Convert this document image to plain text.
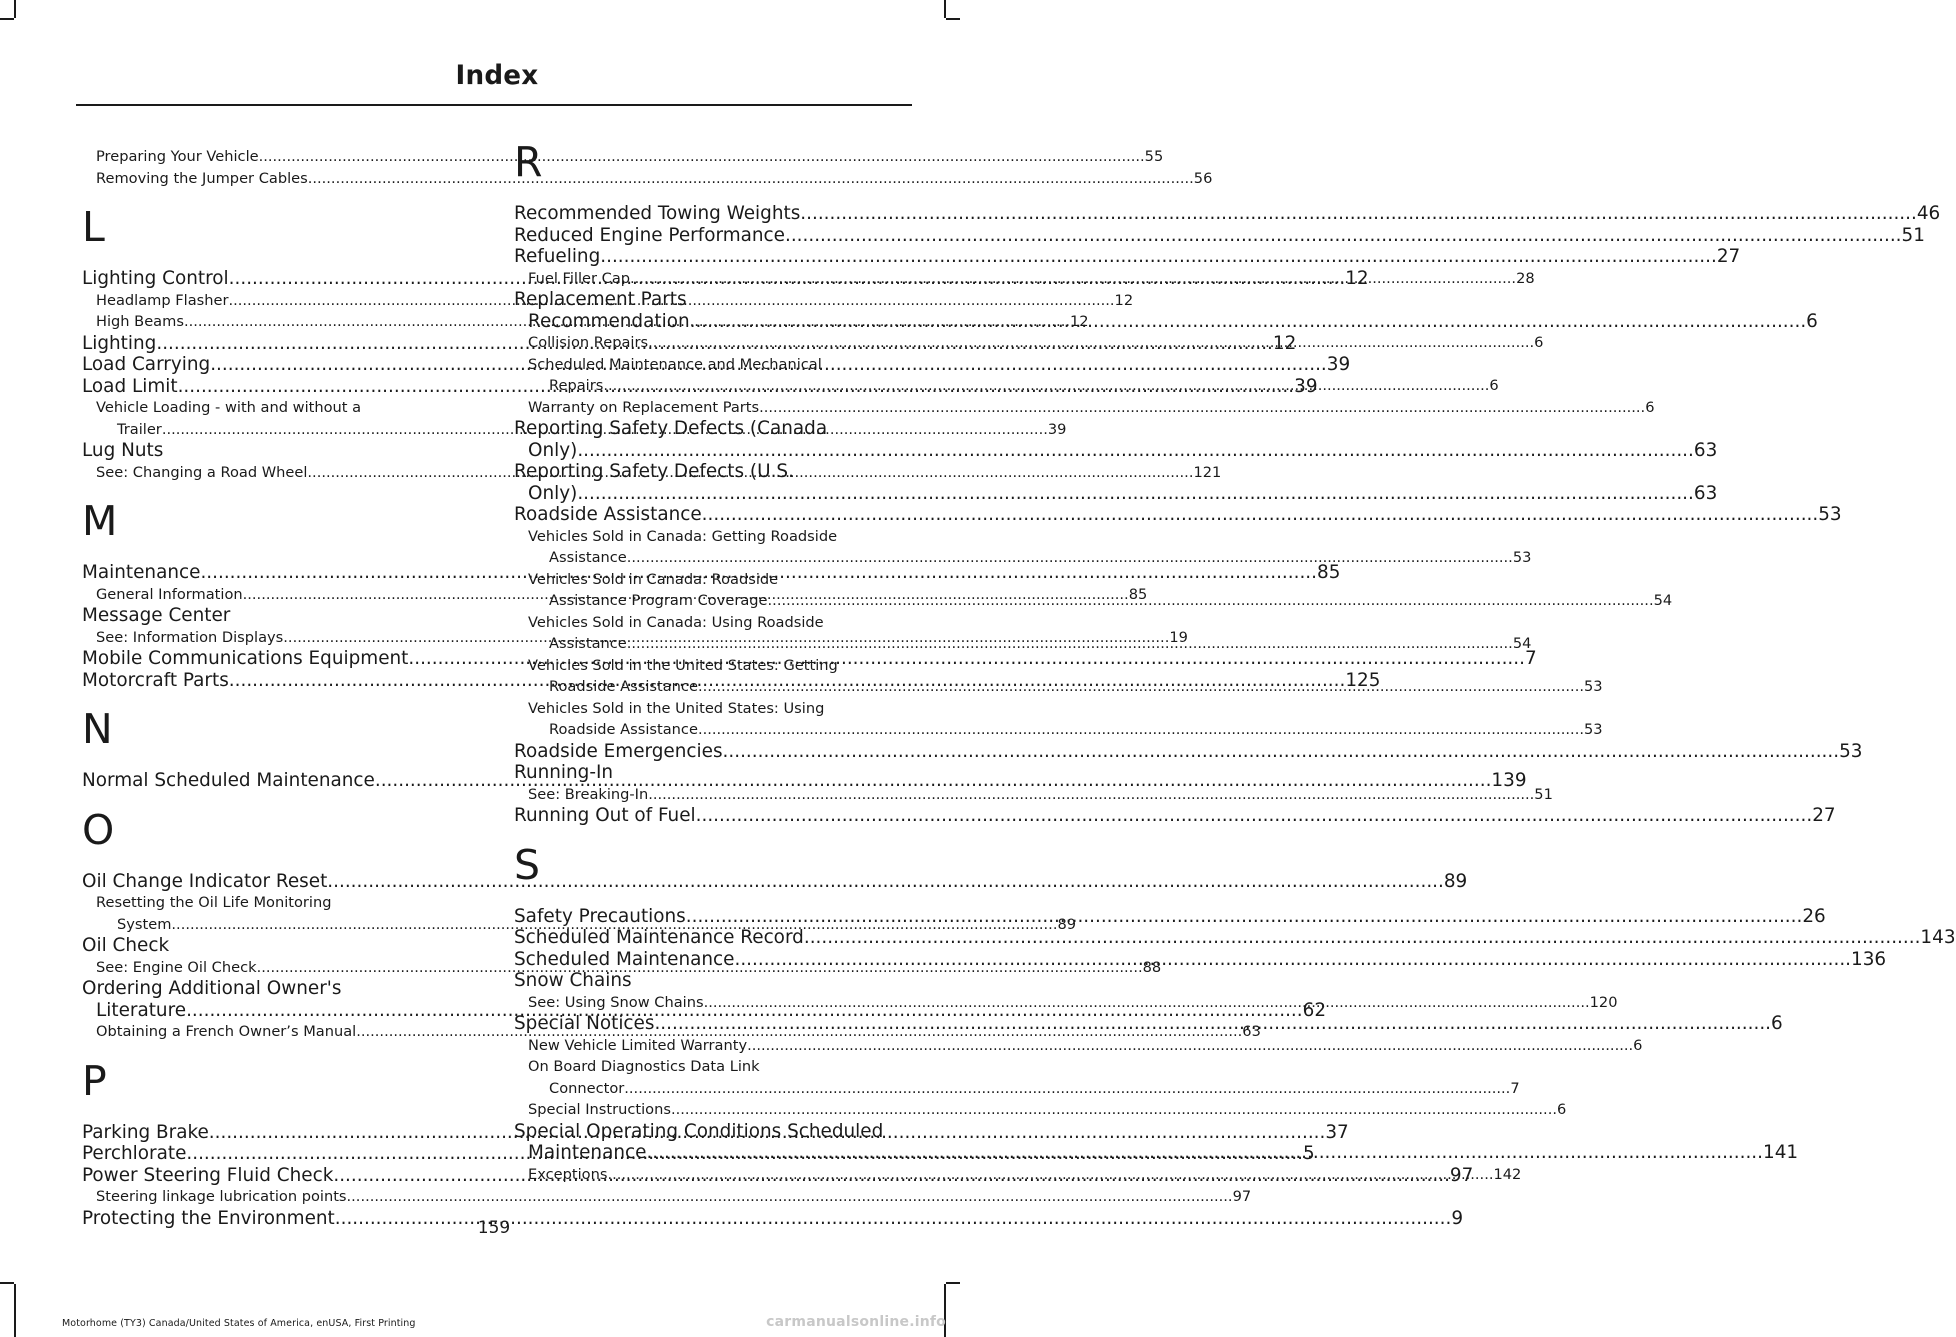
Index
Preparing Your Vehicle .....	55
Removing the Jumper Cables .....	56
L
Lighting Control .....	12
Headlamp Flasher .....	12
High Beams .....	12
Lighting .....	12
Load Carrying .....	39
Load Limit .....	39
Vehicle Loading - with and without a
Trailer .....	39
Lug Nuts
See: Changing a Road Wheel .....	121
M
Maintenance .....	85
General Information .....	85
Message Center
See: Information Displays .....	19
Mobile Communications Equipment .....	7
Motorcraft Parts .....	125
N
Normal Scheduled Maintenance .....	139
O
Oil Change Indicator Reset .....	89
Resetting the Oil Life Monitoring
System .....	89
Oil Check
See: Engine Oil Check .....	88
Ordering Additional Owner's
Literature .....	62
Obtaining a French Owner’s Manual .....	63
P
Parking Brake .....	37
Perchlorate .....	5
Power Steering Fluid Check .....	97
Steering linkage lubrication points .....	97
Protecting the Environment .....	9
R
Recommended Towing Weights .....	46
Reduced Engine Performance .....	51
Refueling .....	27
Fuel Filler Cap .....	28
Replacement Parts
Recommendation .....	6
Collision Repairs .....	6
Scheduled Maintenance and Mechanical
Repairs .....	6
Warranty on Replacement Parts .....	6
Reporting Safety Defects (Canada
Only) .....	63
Reporting Safety Defects (U.S.
Only) .....	63
Roadside Assistance .....	53
Vehicles Sold in Canada: Getting Roadside
Assistance .....	53
Vehicles Sold in Canada: Roadside
Assistance Program Coverage .....	54
Vehicles Sold in Canada: Using Roadside
Assistance .....	54
Vehicles Sold in the United States: Getting
Roadside Assistance .....	53
Vehicles Sold in the United States: Using
Roadside Assistance .....	53
Roadside Emergencies .....	53
Running-In
See: Breaking-In .....	51
Running Out of Fuel .....	27
S
Safety Precautions .....	26
Scheduled Maintenance Record .....	143
Scheduled Maintenance .....	136
Snow Chains
See: Using Snow Chains .....	120
Special Notices .....	6
New Vehicle Limited Warranty .....	6
On Board Diagnostics Data Link
Connector .....	7
Special Instructions .....	6
Special Operating Conditions Scheduled
Maintenance .....	141
Exceptions .....	142
159
Motorhome (TY3) Canada/United States of America, enUSA, First Printing	carmanualsonline.info
